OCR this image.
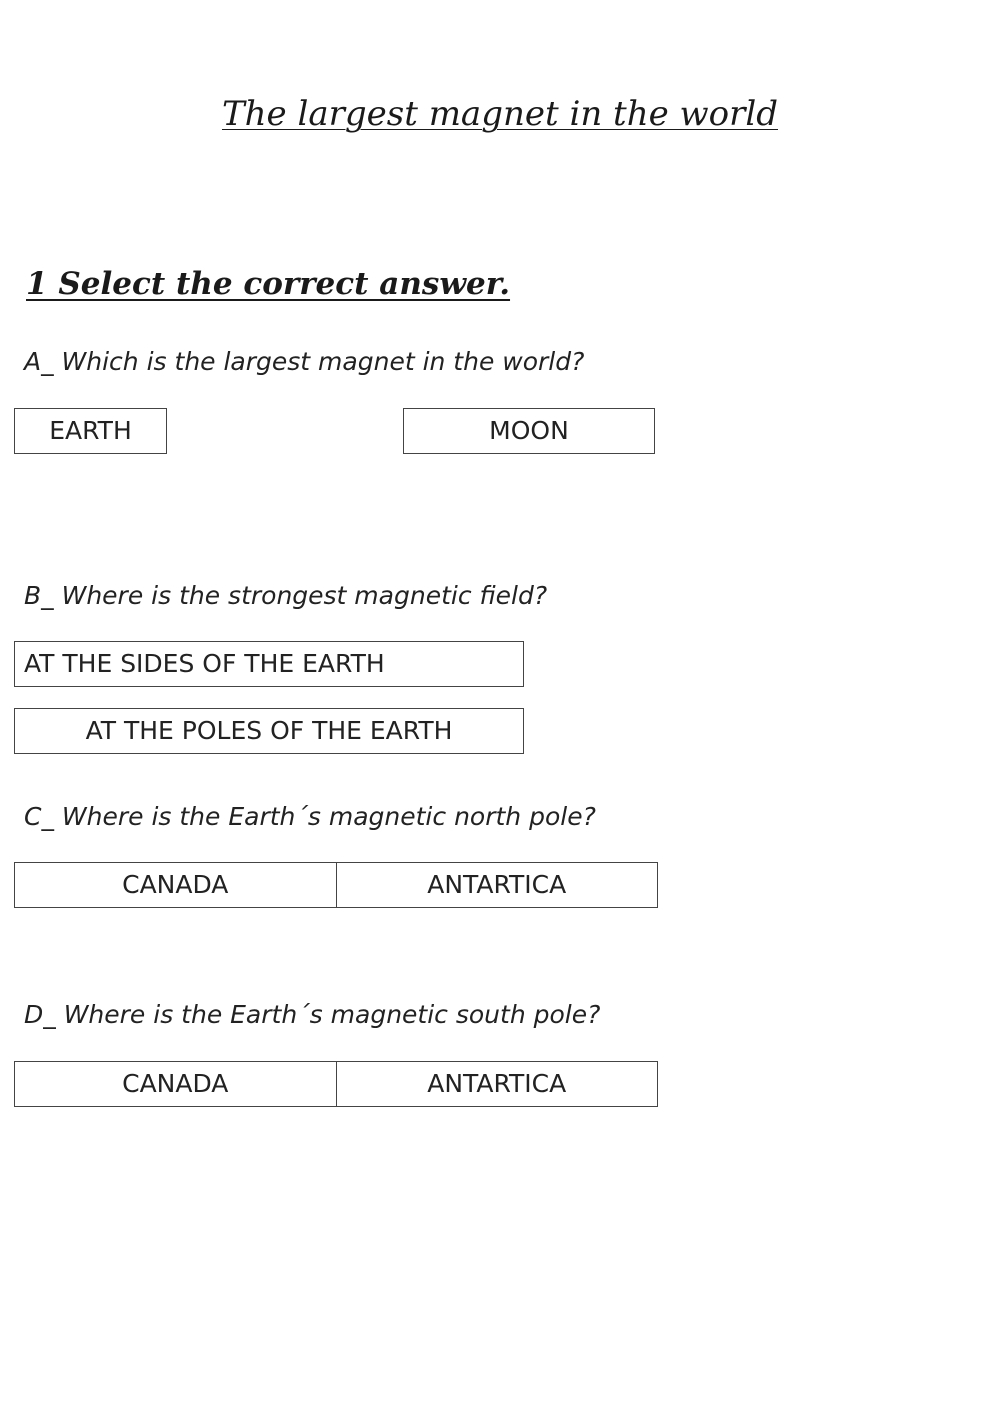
The largest magnet in the world
1 Select the correct answer.
A_ Which is the largest magnet in the world?
EARTH	MOON
B_ Where is the strongest magnetic field?
AT THE SIDES OF THE EARTH
AT THE POLES OF THE EARTH
C_ Where is the Earth´s magnetic north pole?
CANADA	ANTARTICA
D_ Where is the Earth´s magnetic south pole?
CANADA	ANTARTICA
